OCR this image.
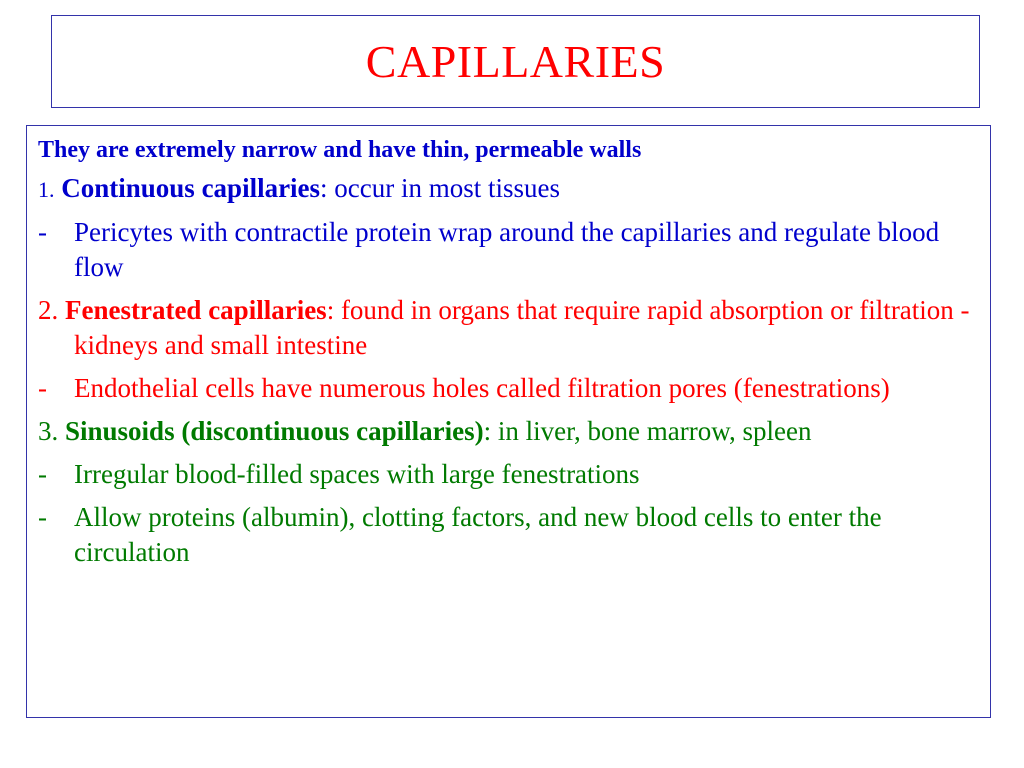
CAPILLARIES
They are extremely narrow and have thin, permeable walls
1. Continuous capillaries: occur in most tissues
- Pericytes with contractile protein wrap around the capillaries and regulate blood flow
2. Fenestrated capillaries: found in organs that require rapid absorption or filtration - kidneys and small intestine
- Endothelial cells have numerous holes called filtration pores (fenestrations)
3. Sinusoids (discontinuous capillaries): in liver, bone marrow, spleen
- Irregular blood-filled spaces with large fenestrations
- Allow proteins (albumin), clotting factors, and new blood cells to enter the circulation
